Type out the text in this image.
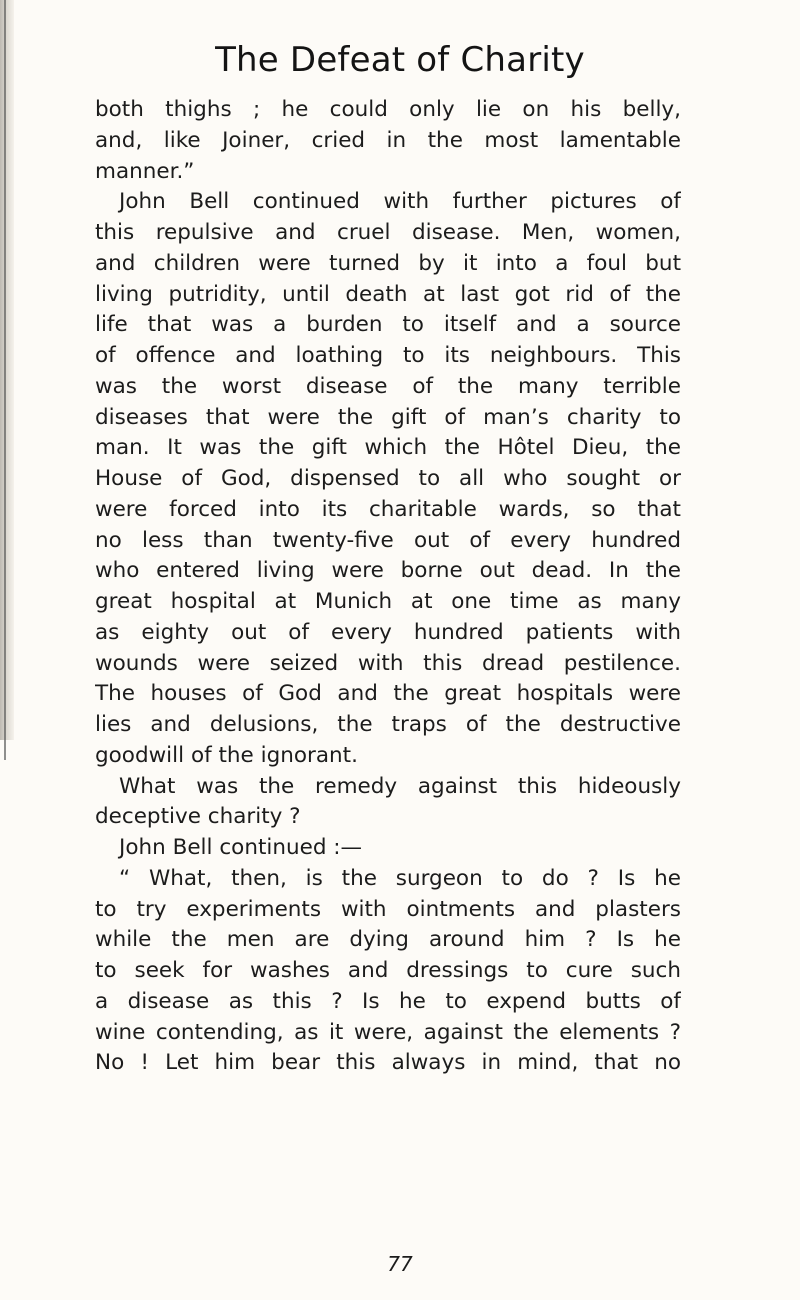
The Defeat of Charity
both thighs ; he could only lie on his belly,
and, like Joiner, cried in the most lamentable
manner.”
John Bell continued with further pictures of
this repulsive and cruel disease. Men, women,
and children were turned by it into a foul but
living putridity, until death at last got rid of the
life that was a burden to itself and a source
of offence and loathing to its neighbours. This
was the worst disease of the many terrible
diseases that were the gift of man’s charity to
man. It was the gift which the Hôtel Dieu, the
House of God, dispensed to all who sought or
were forced into its charitable wards, so that
no less than twenty-five out of every hundred
who entered living were borne out dead. In the
great hospital at Munich at one time as many
as eighty out of every hundred patients with
wounds were seized with this dread pestilence.
The houses of God and the great hospitals were
lies and delusions, the traps of the destructive
goodwill of the ignorant.
What was the remedy against this hideously
deceptive charity ?
John Bell continued :—
“ What, then, is the surgeon to do ? Is he
to try experiments with ointments and plasters
while the men are dying around him ? Is he
to seek for washes and dressings to cure such
a disease as this ? Is he to expend butts of
wine contending, as it were, against the elements ?
No ! Let him bear this always in mind, that no
77
